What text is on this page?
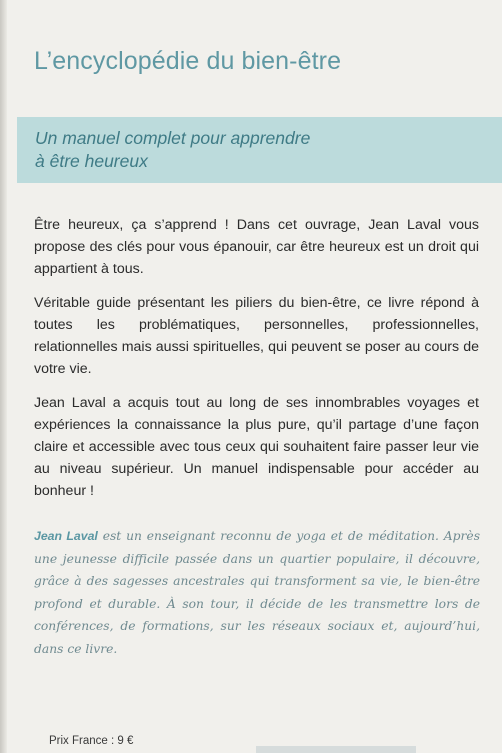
L’encyclopédie du bien-être

Un manuel complet pour apprendre
à être heureux

Être heureux, ça s’apprend ! Dans cet ouvrage, Jean Laval vous propose des clés pour vous épanouir, car être heureux est un droit qui appartient à tous.

Véritable guide présentant les piliers du bien-être, ce livre répond à toutes les problématiques, personnelles, professionnelles, relationnelles mais aussi spirituelles, qui peuvent se poser au cours de votre vie.

Jean Laval a acquis tout au long de ses innombrables voyages et expériences la connaissance la plus pure, qu’il partage d’une façon claire et accessible avec tous ceux qui souhaitent faire passer leur vie au niveau supérieur. Un manuel indispensable pour accéder au bonheur !

Jean Laval est un enseignant reconnu de yoga et de méditation. Après une jeunesse difficile passée dans un quartier populaire, il découvre, grâce à des sagesses ancestrales qui transforment sa vie, le bien-être profond et durable. À son tour, il décide de les transmettre lors de conférences, de formations, sur les réseaux sociaux et, aujourd’hui, dans ce livre.

Prix France : 9 €
